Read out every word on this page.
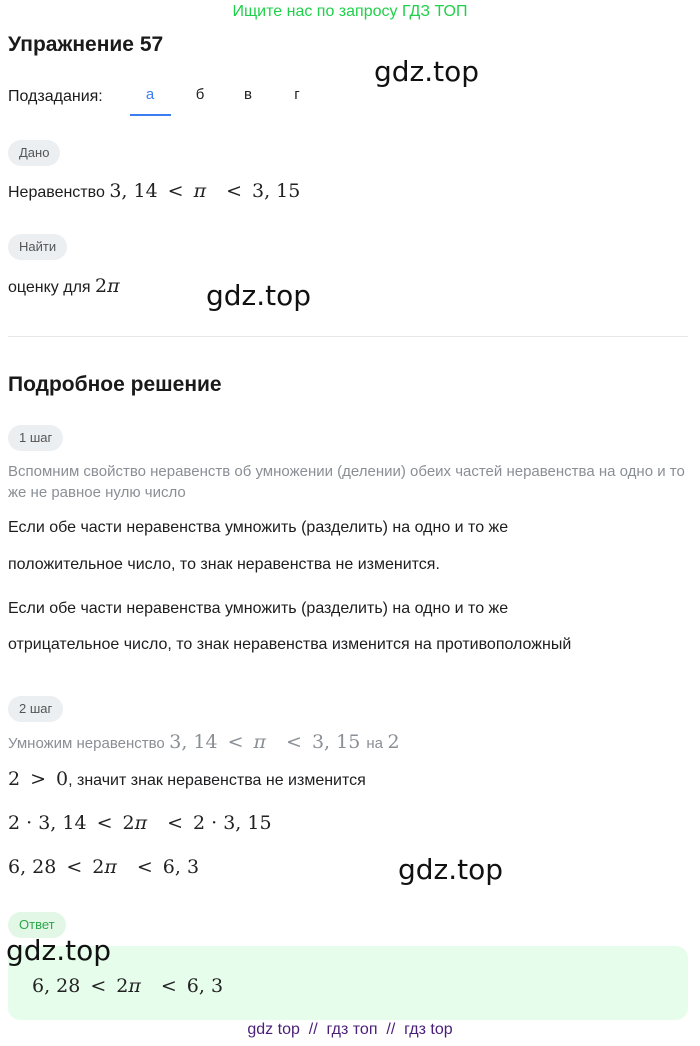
Ищите нас по запросу ГДЗ ТОП
Упражнение 57
gdz.top
Подзадания:	а	б	в	г
Дано
Неравенство 3, 14 < π < 3, 15
Найти
оценку для 2π	gdz.top
Подробное решение
1 шаг
Вспомним свойство неравенств об умножении (делении) обеих частей неравенства на одно и то же не равное нулю число
Если обе части неравенства умножить (разделить) на одно и то же
положительное число, то знак неравенства не изменится.
Если обе части неравенства умножить (разделить) на одно и то же
отрицательное число, то знак неравенства изменится на противоположный
2 шаг
Умножим неравенство 3, 14 < π < 3, 15 на 2
2 > 0, значит знак неравенства не изменится
2 · 3, 14 < 2π < 2 · 3, 15
6, 28 < 2π < 6, 3	gdz.top
Ответ
6, 28 < 2π < 6, 3
gdz.top
gdz top  //  гдз топ  //  гдз top
